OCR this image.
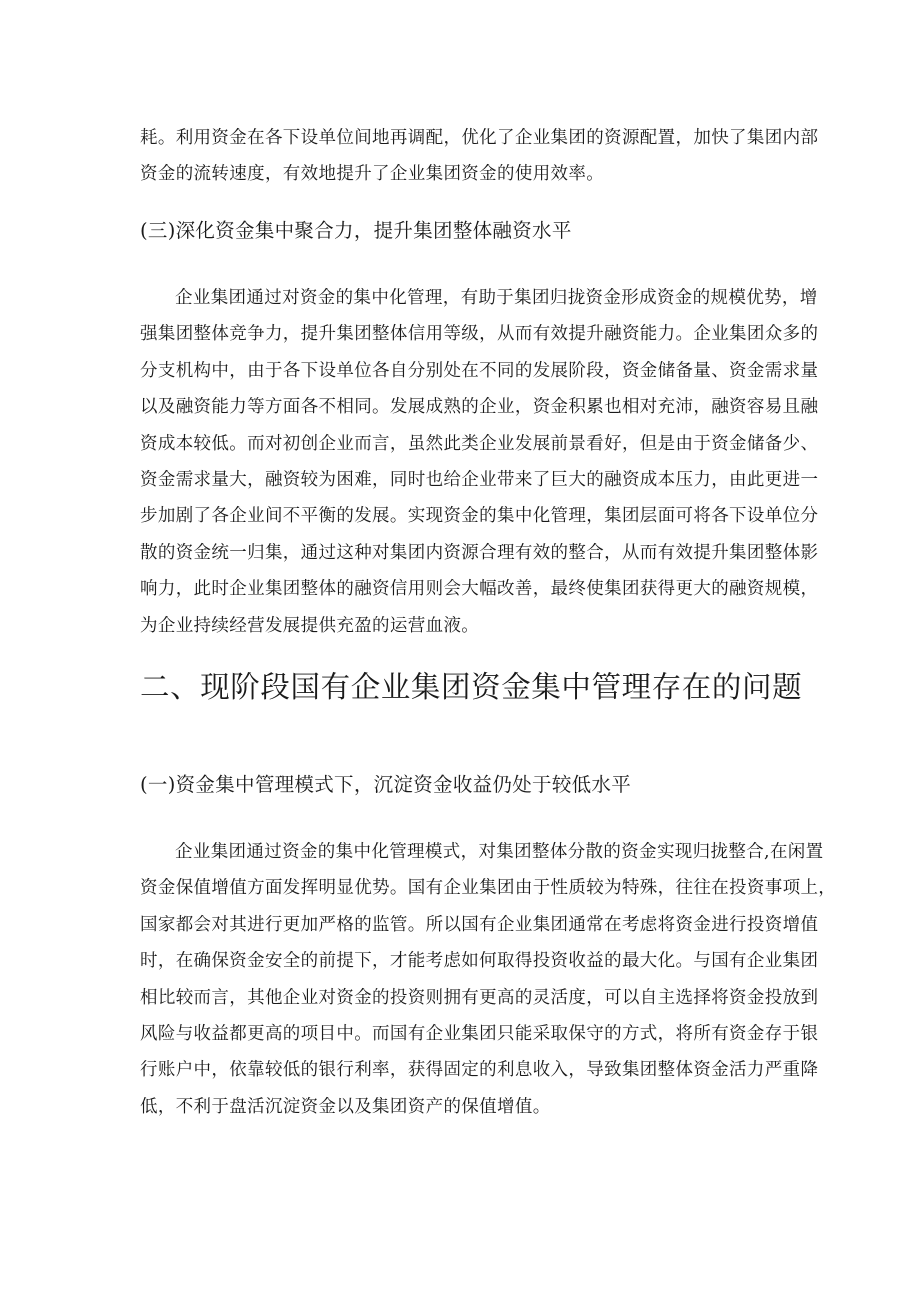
耗。利用资金在各下设单位间地再调配，优化了企业集团的资源配置，加快了集团内部
资金的流转速度，有效地提升了企业集团资金的使用效率。
(三)深化资金集中聚合力，提升集团整体融资水平
企业集团通过对资金的集中化管理，有助于集团归拢资金形成资金的规模优势，增
强集团整体竞争力，提升集团整体信用等级，从而有效提升融资能力。企业集团众多的
分支机构中，由于各下设单位各自分别处在不同的发展阶段，资金储备量、资金需求量
以及融资能力等方面各不相同。发展成熟的企业，资金积累也相对充沛，融资容易且融
资成本较低。而对初创企业而言，虽然此类企业发展前景看好，但是由于资金储备少、
资金需求量大，融资较为困难，同时也给企业带来了巨大的融资成本压力，由此更进一
步加剧了各企业间不平衡的发展。实现资金的集中化管理，集团层面可将各下设单位分
散的资金统一归集，通过这种对集团内资源合理有效的整合，从而有效提升集团整体影
响力，此时企业集团整体的融资信用则会大幅改善，最终使集团获得更大的融资规模，
为企业持续经营发展提供充盈的运营血液。
二、现阶段国有企业集团资金集中管理存在的问题
(一)资金集中管理模式下，沉淀资金收益仍处于较低水平
企业集团通过资金的集中化管理模式，对集团整体分散的资金实现归拢整合,在闲置
资金保值增值方面发挥明显优势。国有企业集团由于性质较为特殊，往往在投资事项上，
国家都会对其进行更加严格的监管。所以国有企业集团通常在考虑将资金进行投资增值
时，在确保资金安全的前提下，才能考虑如何取得投资收益的最大化。与国有企业集团
相比较而言，其他企业对资金的投资则拥有更高的灵活度，可以自主选择将资金投放到
风险与收益都更高的项目中。而国有企业集团只能采取保守的方式，将所有资金存于银
行账户中，依靠较低的银行利率，获得固定的利息收入，导致集团整体资金活力严重降
低，不利于盘活沉淀资金以及集团资产的保值增值。
